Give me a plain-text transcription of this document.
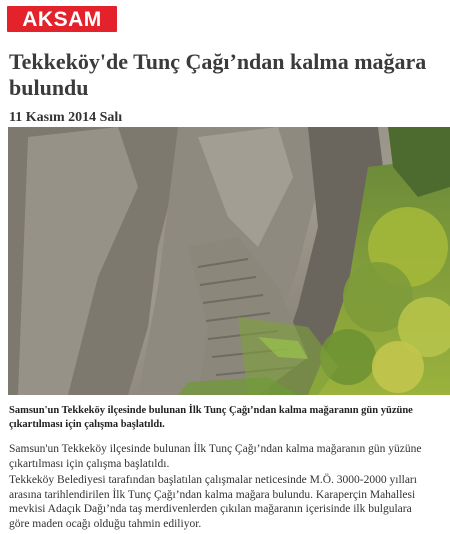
AKSAM
Tekkeköy'de Tunç Çağı’ndan kalma mağara bulundu
11 Kasım 2014 Salı

Samsun'un Tekkeköy ilçesinde bulunan İlk Tunç Çağı’ndan kalma mağaranın gün yüzüne çıkartılması için çalışma başlatıldı.

Samsun'un Tekkeköy ilçesinde bulunan İlk Tunç Çağı’ndan kalma mağaranın gün yüzüne çıkartılması için çalışma başlatıldı.

Tekkeköy Belediyesi tarafından başlatılan çalışmalar neticesinde M.Ö. 3000-2000 yılları arasına tarihlendirilen İlk Tunç Çağı’ndan kalma mağara bulundu. Karaperçin Mahallesi mevkisi Adaçık Dağı’nda taş merdivenlerden çıkılan mağaranın içerisinde ilk bulgulara göre maden ocağı olduğu tahmin ediliyor.
